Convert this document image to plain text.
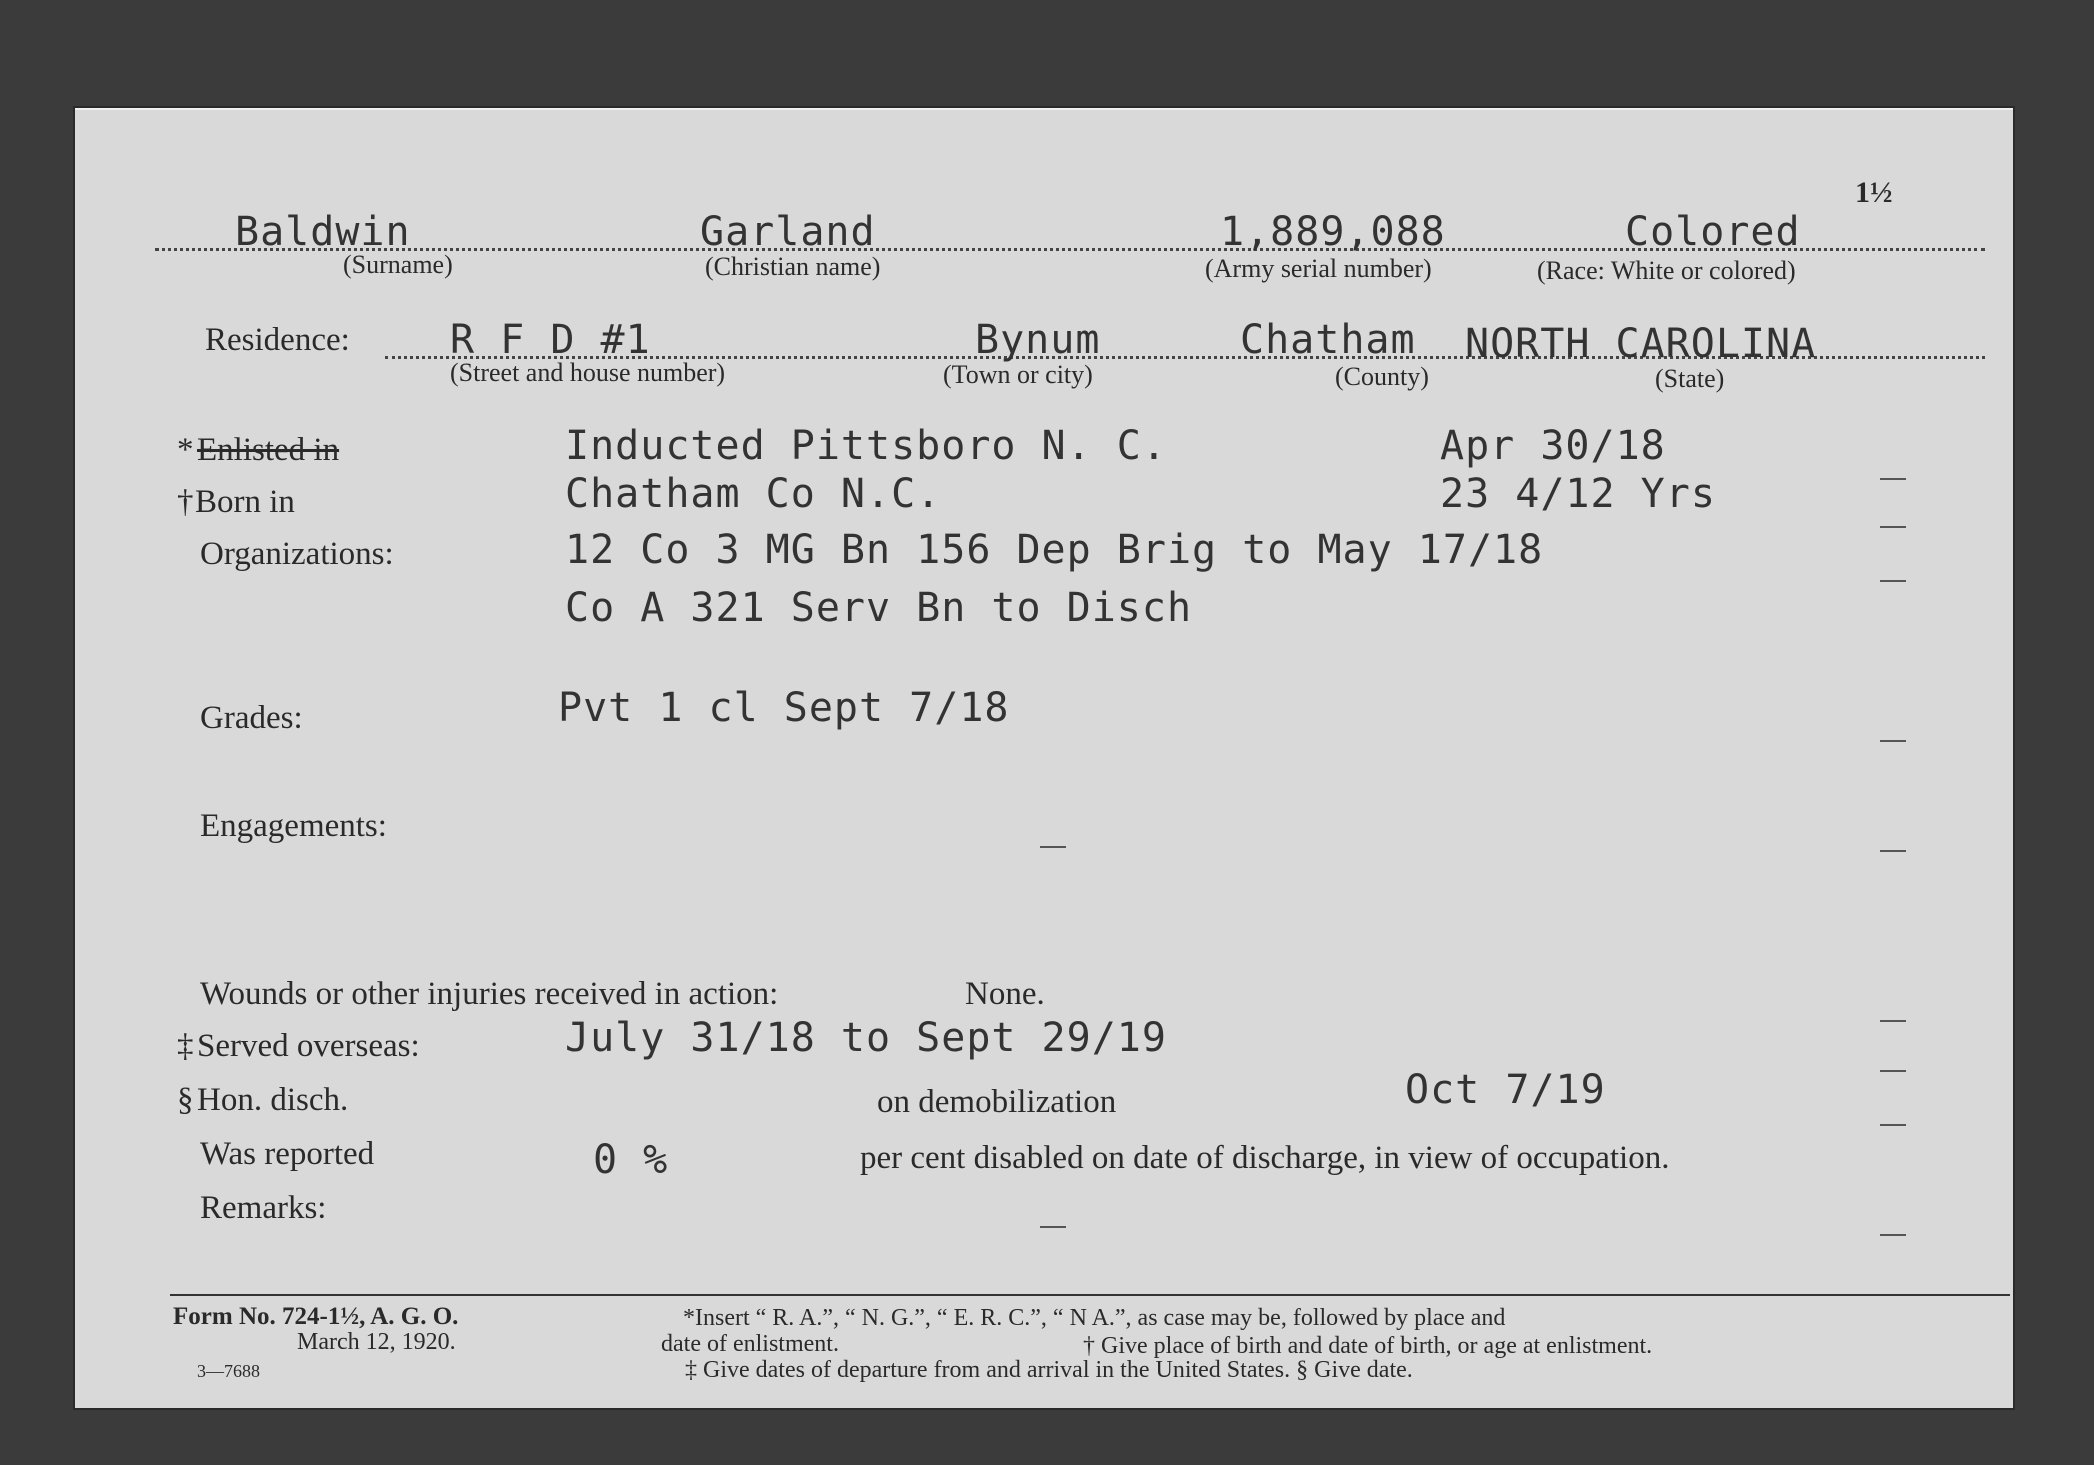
1½
Baldwin
(Surname)
Garland
(Christian name)
1,889,088
(Army serial number)
Colored
(Race: White or colored)
Residence:	R F D #1
(Street and house number)
Bynum
(Town or city)
Chatham
(County)
NORTH CAROLINA
(State)
* Enlisted in	Inducted Pittsboro N. C.	Apr 30/18
† Born in	Chatham Co N.C.	23 4/12 Yrs
Organizations:	12 Co 3 MG Bn 156 Dep Brig to May 17/18
Co A 321 Serv Bn to Disch
Grades:	Pvt 1 cl Sept 7/18
Engagements:
Wounds or other injuries received in action:	None.
‡ Served overseas:	July 31/18 to Sept 29/19
§ Hon. disch.	on demobilization	Oct 7/19
Was reported	0 %	per cent disabled on date of discharge, in view of occupation.
Remarks:
Form No. 724-1½, A. G. O.
March 12, 1920.
3—7688
*Insert “ R. A.”, “ N. G.”, “ E. R. C.”, “ N A.”, as case may be, followed by place and
date of enlistment.	† Give place of birth and date of birth, or age at enlistment.
‡ Give dates of departure from and arrival in the United States. § Give date.
